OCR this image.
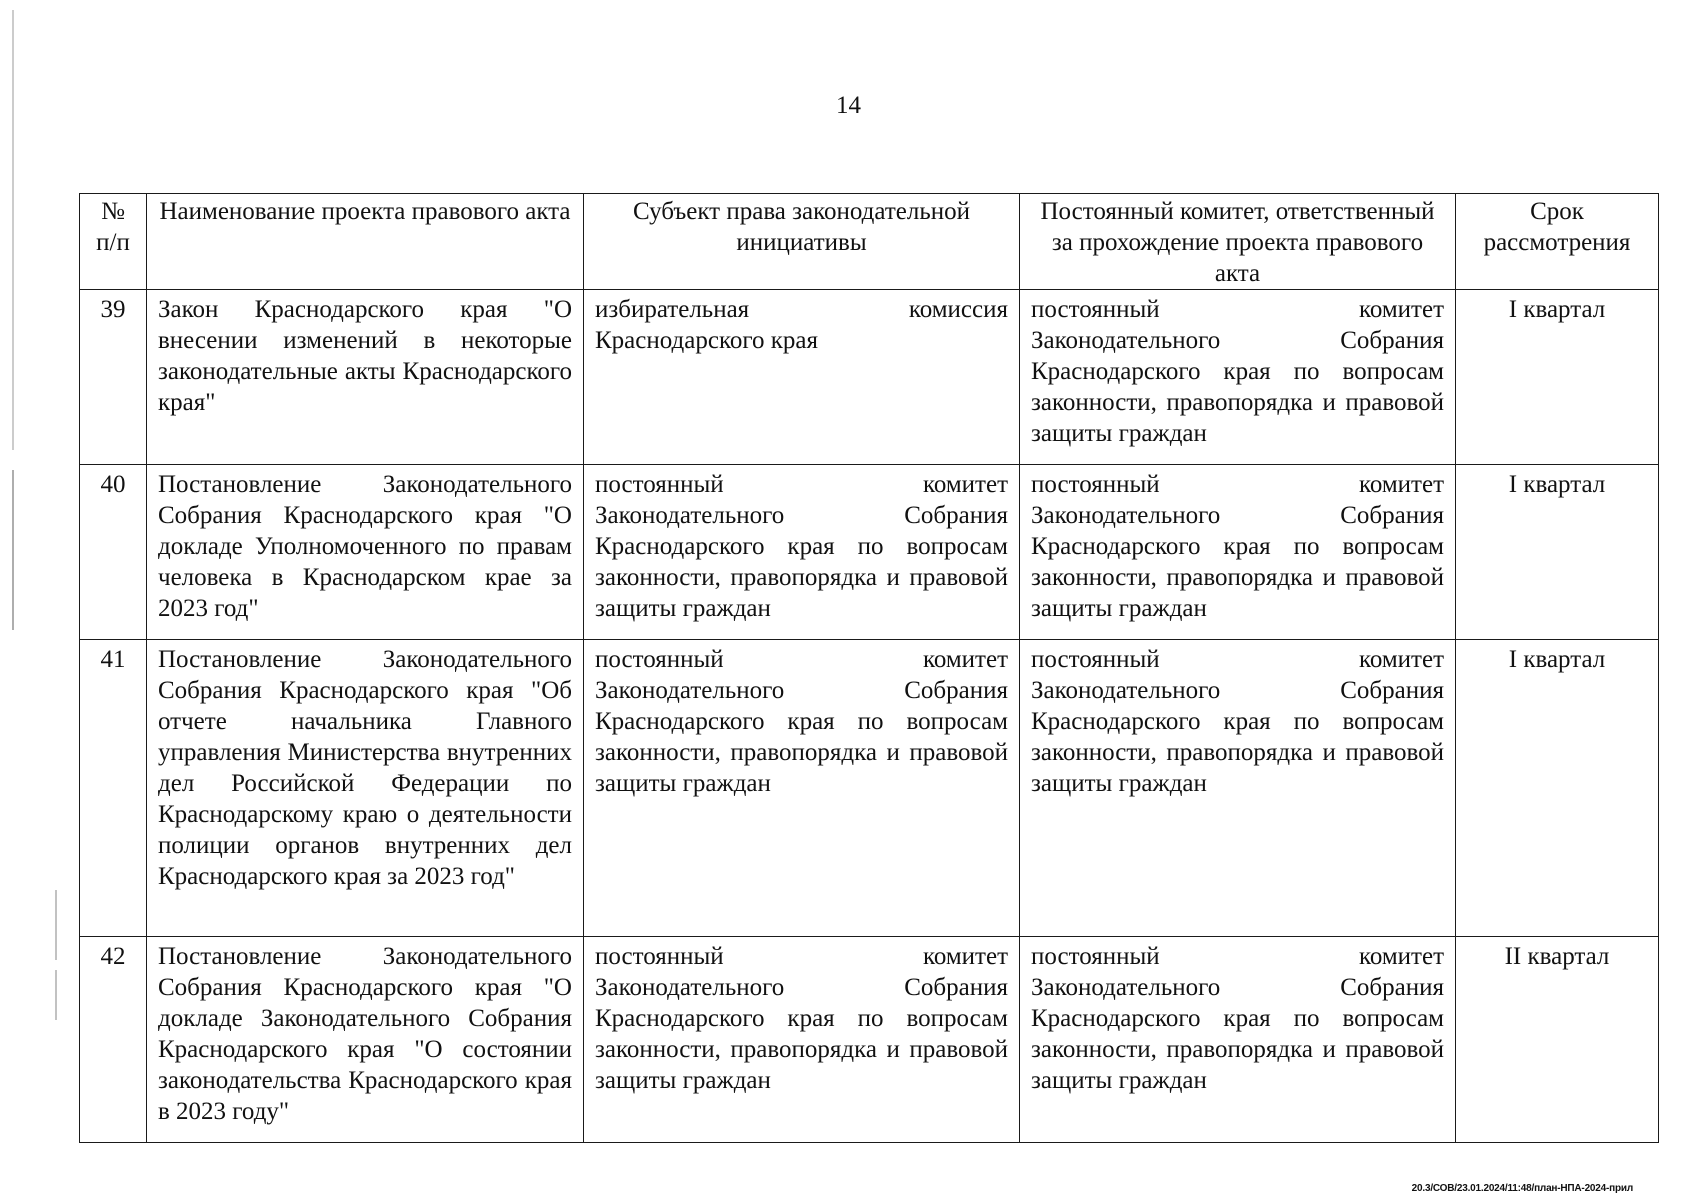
14
№ п/п	Наименование проекта правового акта	Субъект права законодательной инициативы	Постоянный комитет, ответственный за прохождение проекта правового акта	Срок рассмотрения
39	Закон Краснодарского края "О внесении изменений в некоторые законодательные акты Краснодарского края"	избирательная комиссия Краснодарского края	постоянный комитет Законодательного Собрания Краснодарского края по вопросам законности, правопорядка и правовой защиты граждан	I квартал
40	Постановление Законодательного Собрания Краснодарского края "О докладе Уполномоченного по правам человека в Краснодарском крае за 2023 год"	постоянный комитет Законодательного Собрания Краснодарского края по вопросам законности, правопорядка и правовой защиты граждан	постоянный комитет Законодательного Собрания Краснодарского края по вопросам законности, правопорядка и правовой защиты граждан	I квартал
41	Постановление Законодательного Собрания Краснодарского края "Об отчете начальника Главного управления Министерства внутренних дел Российской Федерации по Краснодарскому краю о деятельности полиции органов внутренних дел Краснодарского края за 2023 год"	постоянный комитет Законодательного Собрания Краснодарского края по вопросам законности, правопорядка и правовой защиты граждан	постоянный комитет Законодательного Собрания Краснодарского края по вопросам законности, правопорядка и правовой защиты граждан	I квартал
42	Постановление Законодательного Собрания Краснодарского края "О докладе Законодательного Собрания Краснодарского края "О состоянии законодательства Краснодарского края в 2023 году"	постоянный комитет Законодательного Собрания Краснодарского края по вопросам законности, правопорядка и правовой защиты граждан	постоянный комитет Законодательного Собрания Краснодарского края по вопросам законности, правопорядка и правовой защиты граждан	II квартал
20.3/СОВ/23.01.2024/11:48/план-НПА-2024-прил
